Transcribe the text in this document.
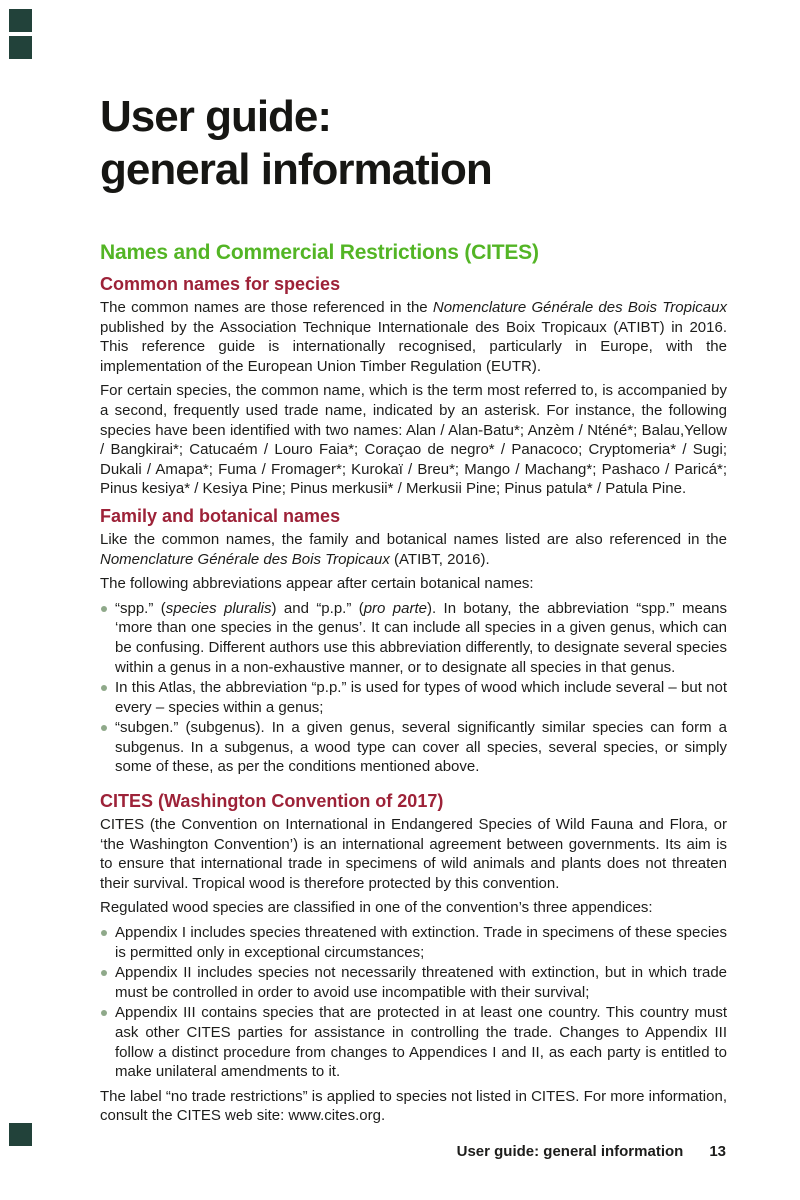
User guide:
general information
Names and Commercial Restrictions (CITES)
Common names for species

The common names are those referenced in the Nomenclature Générale des Bois Tropicaux published by the Association Technique Internationale des Boix Tropicaux (ATIBT) in 2016. This reference guide is internationally recognised, particularly in Europe, with the implementation of the European Union Timber Regulation (EUTR).

For certain species, the common name, which is the term most referred to, is accompanied by a second, frequently used trade name, indicated by an asterisk. For instance, the following species have been identified with two names: Alan / Alan-Batu*; Anzèm / Nténé*; Balau,Yellow / Bangkirai*; Catucaém / Louro Faia*; Coraçao de negro* / Panacoco; Cryptomeria* / Sugi; Dukali / Amapa*; Fuma / Fromager*; Kurokaï / Breu*; Mango / Machang*; Pashaco / Paricá*; Pinus kesiya* / Kesiya Pine; Pinus merkusii* / Merkusii Pine; Pinus patula* / Patula Pine.

Family and botanical names

Like the common names, the family and botanical names listed are also referenced in the Nomenclature Générale des Bois Tropicaux (ATIBT, 2016).

The following abbreviations appear after certain botanical names:

“spp.” (species pluralis) and “p.p.” (pro parte). In botany, the abbreviation “spp.” means ‘more than one species in the genus’. It can include all species in a given genus, which can be confusing. Different authors use this abbreviation differently, to designate several species within a genus in a non-exhaustive manner, or to designate all species in that genus.
In this Atlas, the abbreviation “p.p.” is used for types of wood which include several – but not every – species within a genus;
“subgen.” (subgenus). In a given genus, several significantly similar species can form a subgenus. In a subgenus, a wood type can cover all species, several species, or simply some of these, as per the conditions mentioned above.
CITES (Washington Convention of 2017)

CITES (the Convention on International in Endangered Species of Wild Fauna and Flora, or ‘the Washington Convention’) is an international agreement between governments. Its aim is to ensure that international trade in specimens of wild animals and plants does not threaten their survival. Tropical wood is therefore protected by this convention.

Regulated wood species are classified in one of the convention’s three appendices:

Appendix I includes species threatened with extinction. Trade in specimens of these species is permitted only in exceptional circumstances;
Appendix II includes species not necessarily threatened with extinction, but in which trade must be controlled in order to avoid use incompatible with their survival;
Appendix III contains species that are protected in at least one country. This country must ask other CITES parties for assistance in controlling the trade. Changes to Appendix III follow a distinct procedure from changes to Appendices I and II, as each party is entitled to make unilateral amendments to it.

The label “no trade restrictions” is applied to species not listed in CITES. For more information, consult the CITES web site: www.cites.org.

User guide: general information 13
